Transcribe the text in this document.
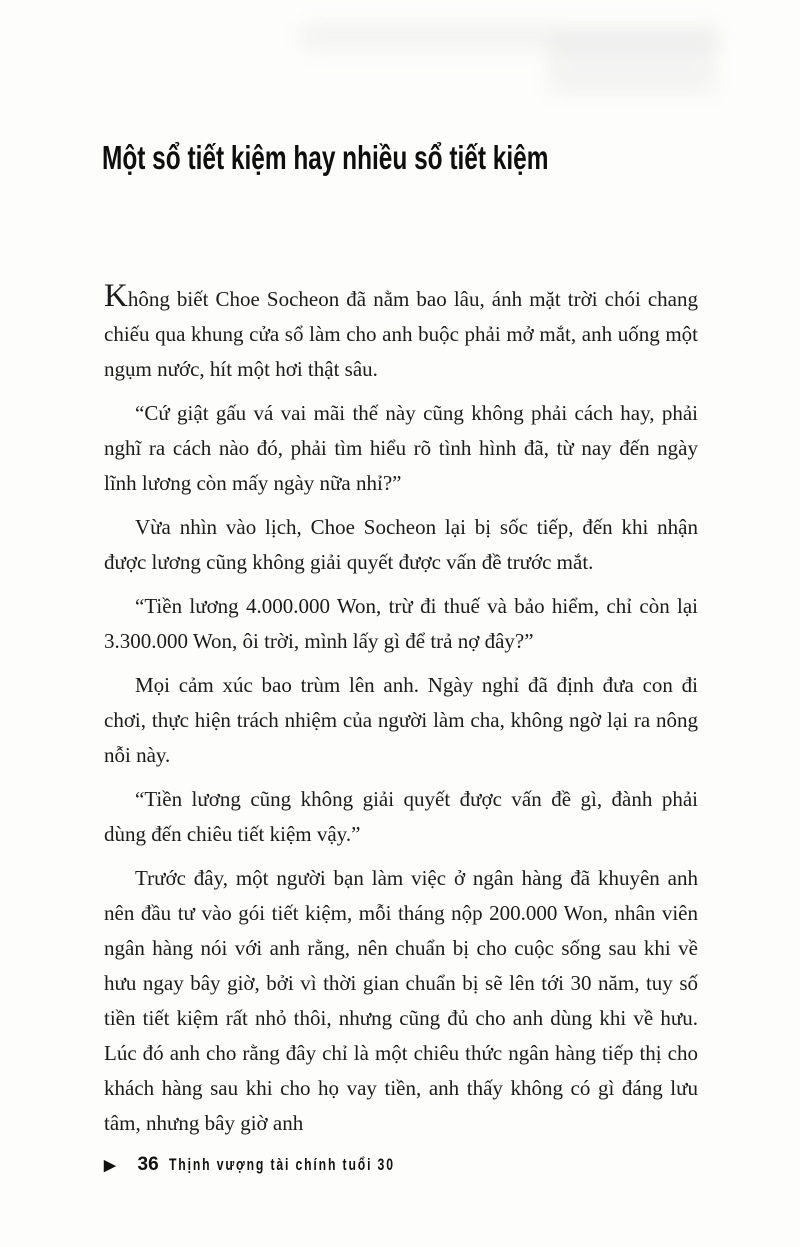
Một sổ tiết kiệm hay nhiều sổ tiết kiệm

Không biết Choe Socheon đã nằm bao lâu, ánh mặt trời chói chang chiếu qua khung cửa sổ làm cho anh buộc phải mở mắt, anh uống một ngụm nước, hít một hơi thật sâu.

“Cứ giật gấu vá vai mãi thế này cũng không phải cách hay, phải nghĩ ra cách nào đó, phải tìm hiểu rõ tình hình đã, từ nay đến ngày lĩnh lương còn mấy ngày nữa nhỉ?”

Vừa nhìn vào lịch, Choe Socheon lại bị sốc tiếp, đến khi nhận được lương cũng không giải quyết được vấn đề trước mắt.

“Tiền lương 4.000.000 Won, trừ đi thuế và bảo hiểm, chỉ còn lại 3.300.000 Won, ôi trời, mình lấy gì để trả nợ đây?”

Mọi cảm xúc bao trùm lên anh. Ngày nghỉ đã định đưa con đi chơi, thực hiện trách nhiệm của người làm cha, không ngờ lại ra nông nỗi này.

“Tiền lương cũng không giải quyết được vấn đề gì, đành phải dùng đến chiêu tiết kiệm vậy.”

Trước đây, một người bạn làm việc ở ngân hàng đã khuyên anh nên đầu tư vào gói tiết kiệm, mỗi tháng nộp 200.000 Won, nhân viên ngân hàng nói với anh rằng, nên chuẩn bị cho cuộc sống sau khi về hưu ngay bây giờ, bởi vì thời gian chuẩn bị sẽ lên tới 30 năm, tuy số tiền tiết kiệm rất nhỏ thôi, nhưng cũng đủ cho anh dùng khi về hưu. Lúc đó anh cho rằng đây chỉ là một chiêu thức ngân hàng tiếp thị cho khách hàng sau khi cho họ vay tiền, anh thấy không có gì đáng lưu tâm, nhưng bây giờ anh

▶ 36 Thịnh vượng tài chính tuổi 30
